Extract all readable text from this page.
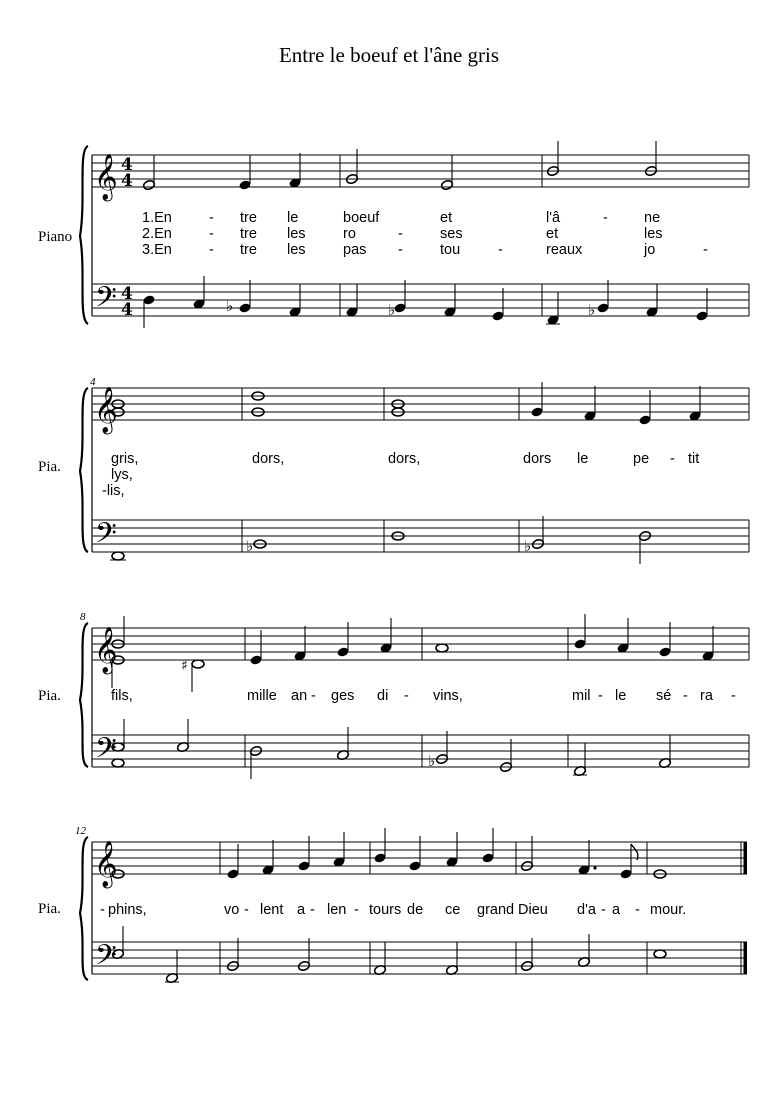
Entre le boeuf et l'âne gris
Piano
𝄞
𝄢
4
4
4
4	♭	♭	♭
1.En	- tre le	boeuf	et	l'â	- ne
2.En	- tre les	ro	-	ses	et	les
3.En	- tre les	pas -	tou	-	reaux	jo	-
4
Pia.
𝄞
𝄢	♭	♭
gris,	dors,	dors,	dors le	pe - tit
lys,
-lis,
8
Pia.
𝄞
𝄢
♯
♭
fils,	mille an - ges di - vins,	mil - le sé - ra -
12
Pia.
𝄞
𝄢
- phins,	vo - lent a - len - tours de ce grand Dieu d'a - a - mour.
